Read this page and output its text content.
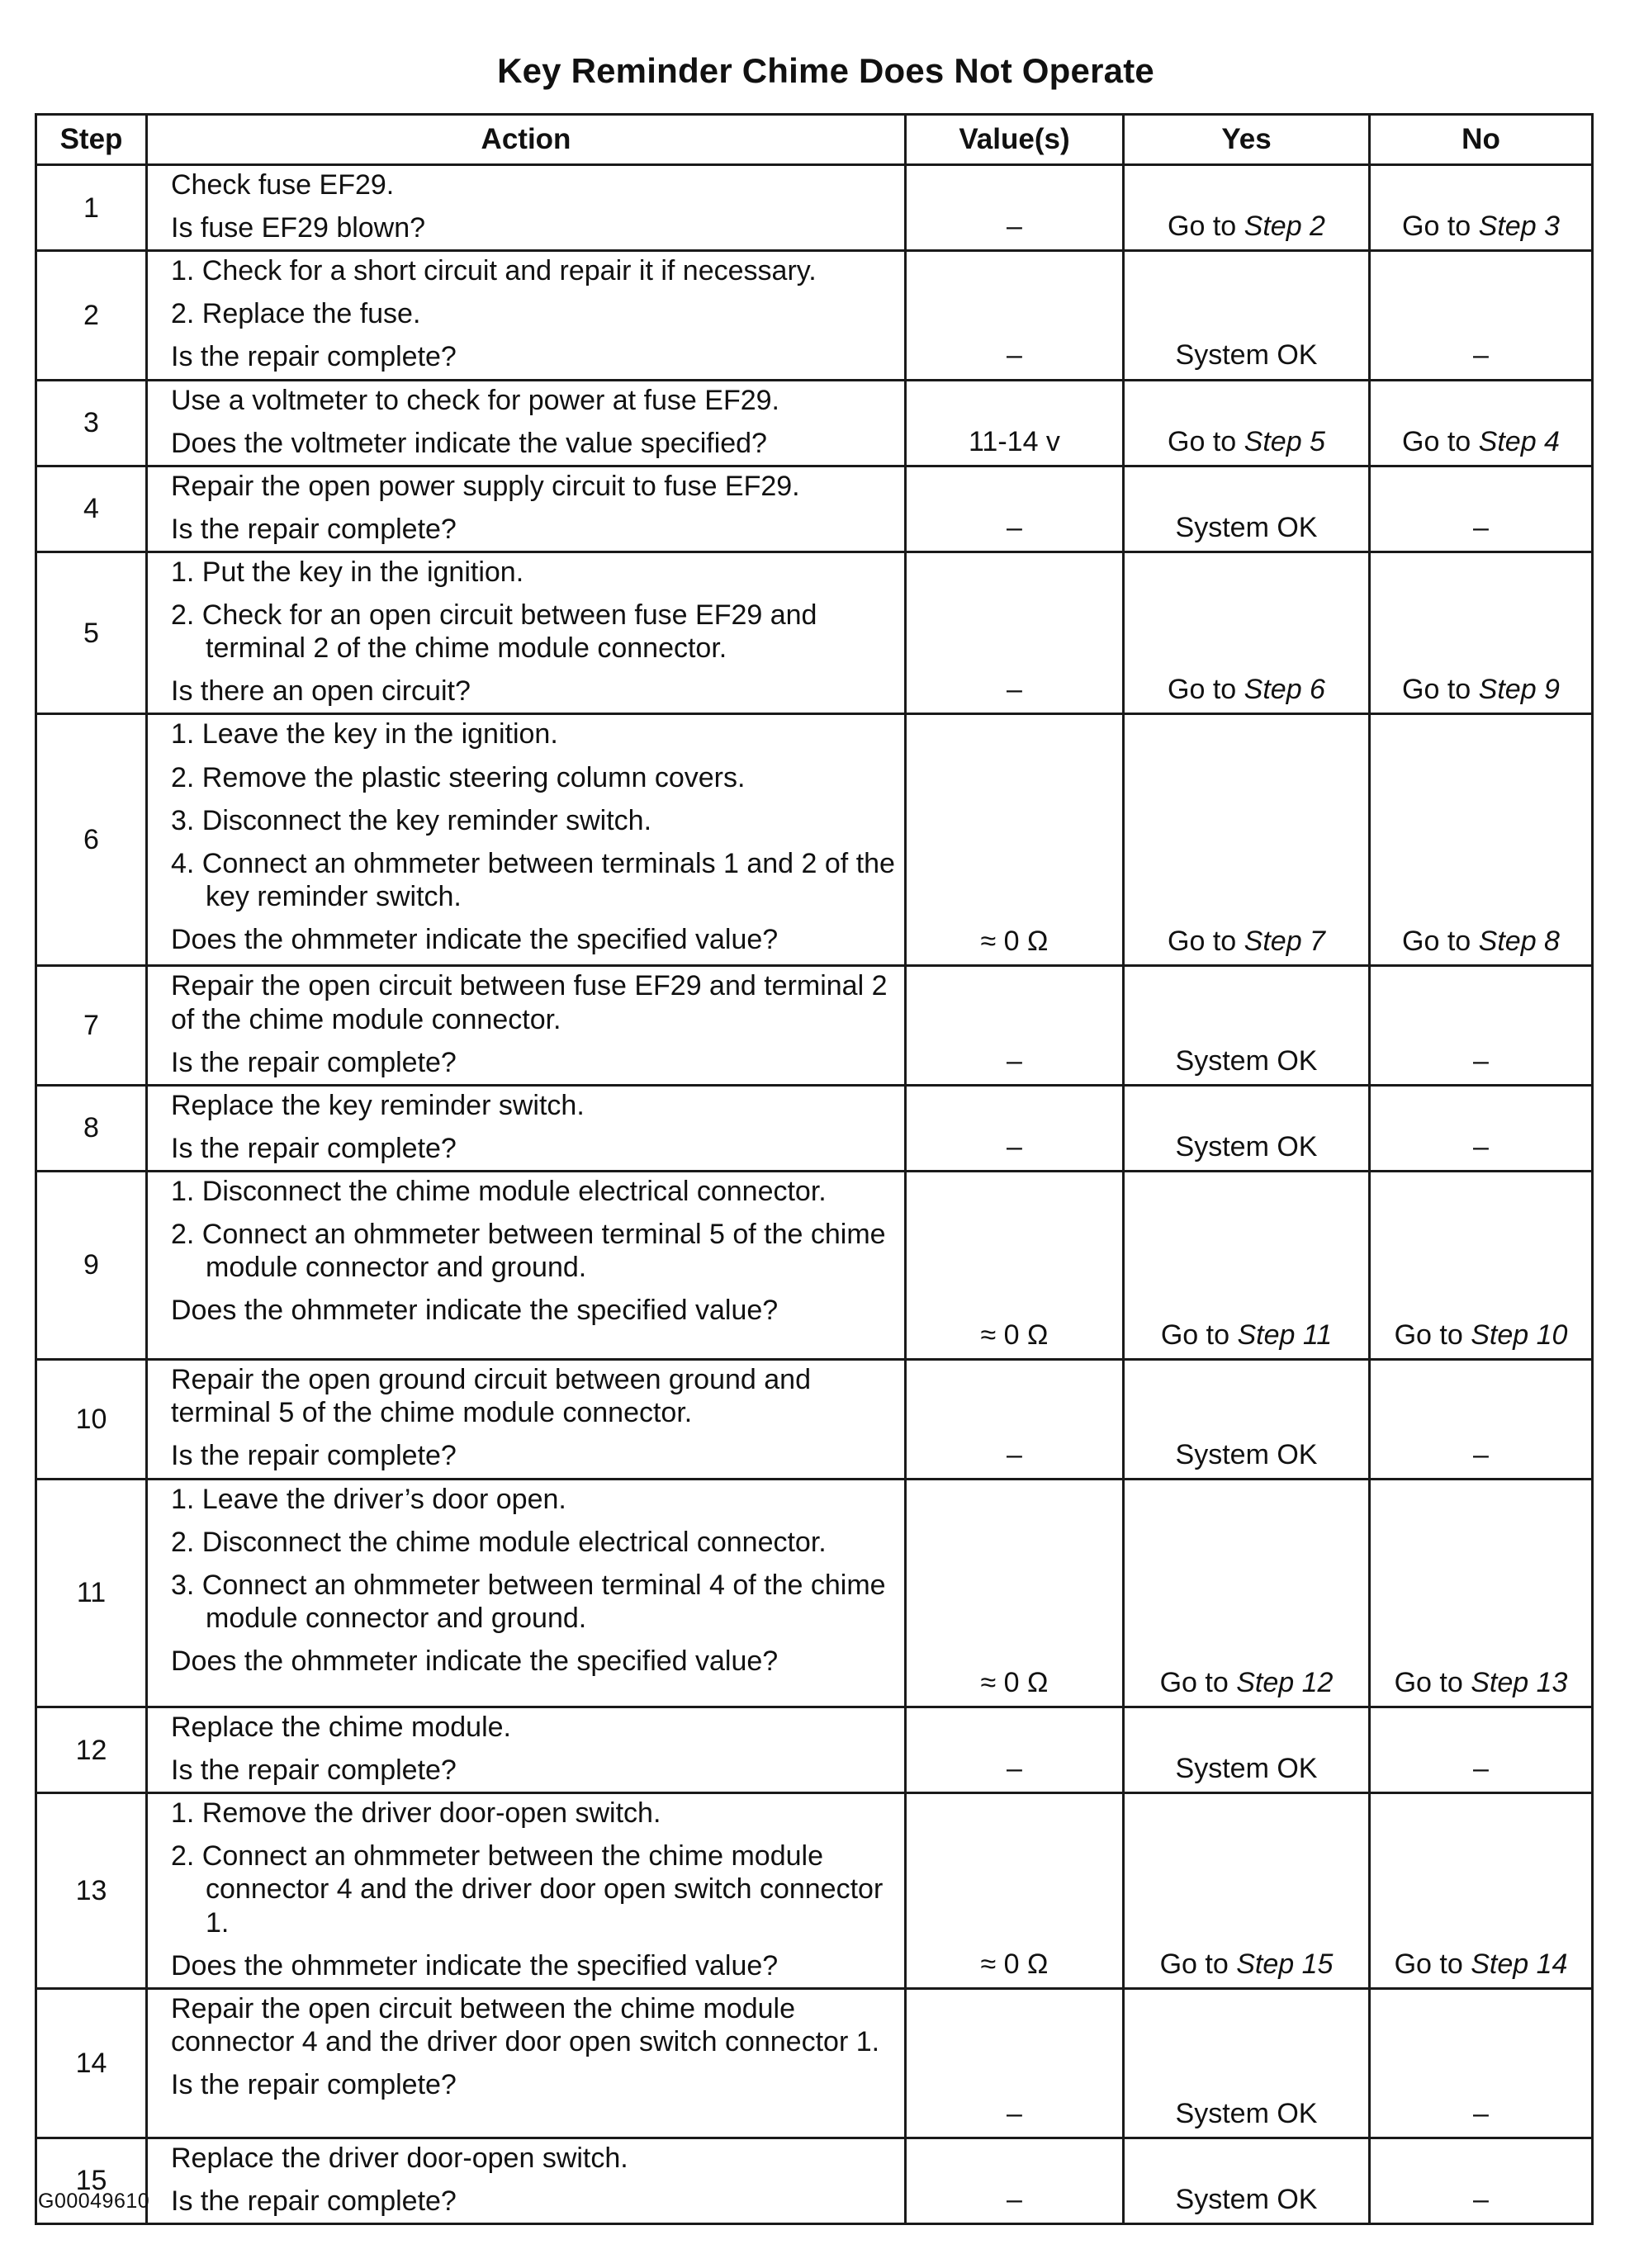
Key Reminder Chime Does Not Operate
Step	Action	Value(s)	Yes	No
1	Check fuse EF29.
Is fuse EF29 blown?	–	Go to Step 2	Go to Step 3
2	1. Check for a short circuit and repair it if necessary.
2. Replace the fuse.
Is the repair complete?	–	System OK	–
3	Use a voltmeter to check for power at fuse EF29.
Does the voltmeter indicate the value specified?	11-14 v	Go to Step 5	Go to Step 4
4	Repair the open power supply circuit to fuse EF29.
Is the repair complete?	–	System OK	–
5	1. Put the key in the ignition.
2. Check for an open circuit between fuse EF29 and terminal 2 of the chime module connector.
Is there an open circuit?	–	Go to Step 6	Go to Step 9
6	1. Leave the key in the ignition.
2. Remove the plastic steering column covers.
3. Disconnect the key reminder switch.
4. Connect an ohmmeter between terminals 1 and 2 of the key reminder switch.
Does the ohmmeter indicate the specified value?	≈ 0 Ω	Go to Step 7	Go to Step 8
7	Repair the open circuit between fuse EF29 and terminal 2 of the chime module connector.
Is the repair complete?	–	System OK	–
8	Replace the key reminder switch.
Is the repair complete?	–	System OK	–
9	1. Disconnect the chime module electrical connector.
2. Connect an ohmmeter between terminal 5 of the chime module connector and ground.
Does the ohmmeter indicate the specified value?	≈ 0 Ω	Go to Step 11	Go to Step 10
10	Repair the open ground circuit between ground and terminal 5 of the chime module connector.
Is the repair complete?	–	System OK	–
11	1. Leave the driver’s door open.
2. Disconnect the chime module electrical connector.
3. Connect an ohmmeter between terminal 4 of the chime module connector and ground.
Does the ohmmeter indicate the specified value?	≈ 0 Ω	Go to Step 12	Go to Step 13
12	Replace the chime module.
Is the repair complete?	–	System OK	–
13	1. Remove the driver door-open switch.
2. Connect an ohmmeter between the chime module connector 4 and the driver door open switch connector 1.
Does the ohmmeter indicate the specified value?	≈ 0 Ω	Go to Step 15	Go to Step 14
14	Repair the open circuit between the chime module connector 4 and the driver door open switch connector 1.
Is the repair complete?	–	System OK	–
15	Replace the driver door-open switch.
Is the repair complete?	–	System OK	–
G00049610
